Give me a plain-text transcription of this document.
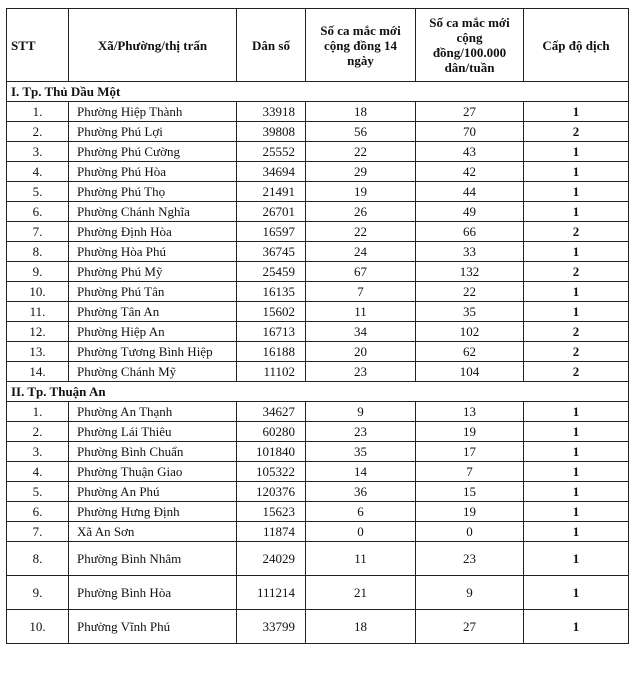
STT	Xã/Phường/thị trấn	Dân số	Số ca mắc mới cộng đồng 14 ngày	Số ca mắc mới cộng đồng/100.000 dân/tuần	Cấp độ dịch
I. Tp. Thủ Dầu Một					
1.	Phường Hiệp Thành	33918	18	27	1
2.	Phường Phú Lợi	39808	56	70	2
3.	Phường Phú Cường	25552	22	43	1
4.	Phường Phú Hòa	34694	29	42	1
5.	Phường Phú Thọ	21491	19	44	1
6.	Phường Chánh Nghĩa	26701	26	49	1
7.	Phường Định Hòa	16597	22	66	2
8.	Phường Hòa Phú	36745	24	33	1
9.	Phường Phú Mỹ	25459	67	132	2
10.	Phường Phú Tân	16135	7	22	1
11.	Phường Tân An	15602	11	35	1
12.	Phường Hiệp An	16713	34	102	2
13.	Phường Tương Bình Hiệp	16188	20	62	2
14.	Phường Chánh Mỹ	11102	23	104	2
II. Tp. Thuận An					
1.	Phường An Thạnh	34627	9	13	1
2.	Phường Lái Thiêu	60280	23	19	1
3.	Phường Bình Chuẩn	101840	35	17	1
4.	Phường Thuận Giao	105322	14	7	1
5.	Phường An Phú	120376	36	15	1
6.	Phường Hưng Định	15623	6	19	1
7.	Xã An Sơn	11874	0	0	1
8.	Phường Bình Nhâm	24029	11	23	1
9.	Phường Bình Hòa	111214	21	9	1
10.	Phường Vĩnh Phú	33799	18	27	1
